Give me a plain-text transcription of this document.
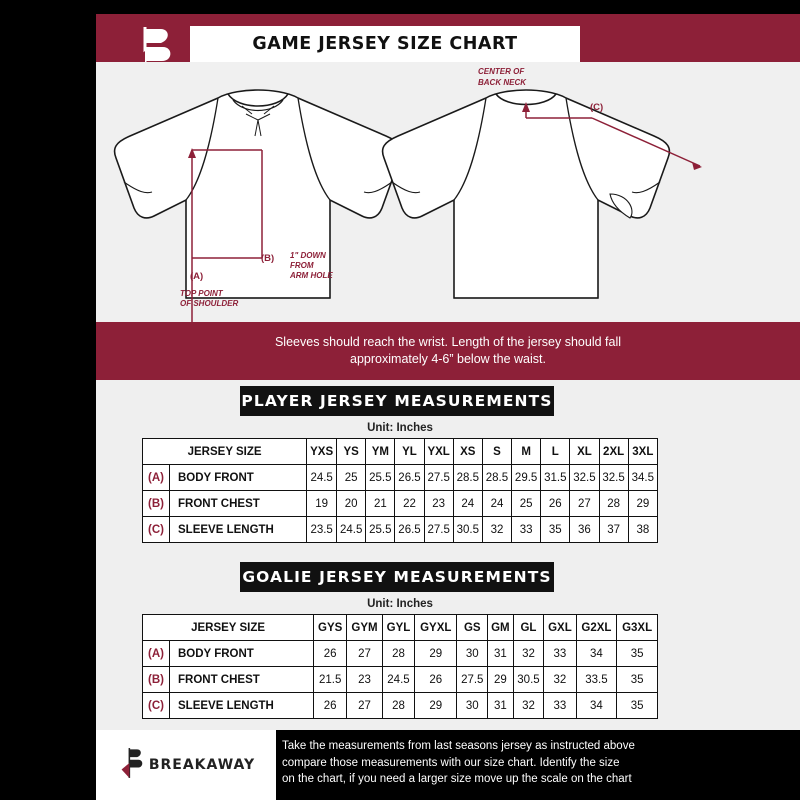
GAME JERSEY SIZE CHART
(A)
TOP POINT
OF SHOULDER
(B) 1" DOWN
FROM
ARM HOLE
(C)
CENTER OF
BACK NECK
Sleeves should reach the wrist. Length of the jersey should fall
approximately 4-6” below the waist.
PLAYER JERSEY MEASUREMENTS
Unit: Inches
JERSEY SIZE		YXS	YS	YM	YL	YXL	XS	S	M	L	XL	2XL	3XL
(A)	BODY FRONT	24.5	25	25.5	26.5	27.5	28.5	28.5	29.5	31.5	32.5	32.5	34.5
(B)	FRONT CHEST	19	20	21	22	23	24	24	25	26	27	28	29
(C)	SLEEVE LENGTH	23.5	24.5	25.5	26.5	27.5	30.5	32	33	35	36	37	38
GOALIE JERSEY MEASUREMENTS
Unit: Inches
JERSEY SIZE		GYS	GYM	GYL	GYXL	GS	GM	GL	GXL	G2XL	G3XL
(A)	BODY FRONT	26	27	28	29	30	31	32	33	34	35
(B)	FRONT CHEST	21.5	23	24.5	26	27.5	29	30.5	32	33.5	35
(C)	SLEEVE LENGTH	26	27	28	29	30	31	32	33	34	35
BREAKAWAY
Take the measurements from last seasons jersey as instructed above
compare those measurements with our size chart. Identify the size
on the chart, if you need a larger size move up the scale on the chart
